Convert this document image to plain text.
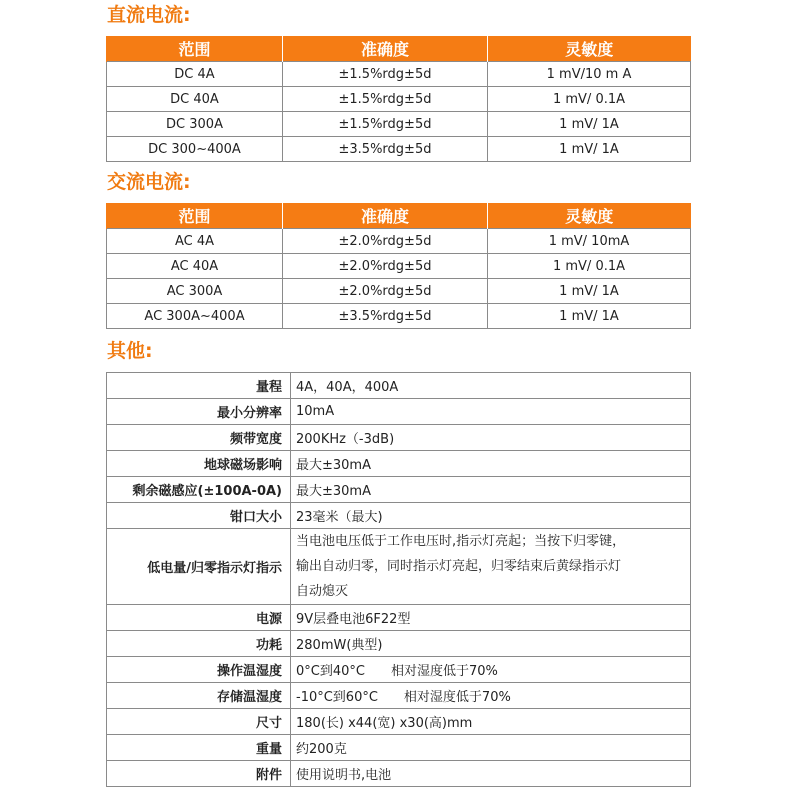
直流电流:
范围	准确度	灵敏度
DC 4A	±1.5%rdg±5d	1 mV/10 m A
DC 40A	±1.5%rdg±5d	1 mV/ 0.1A
DC 300A	±1.5%rdg±5d	1 mV/ 1A
DC 300~400A	±3.5%rdg±5d	1 mV/ 1A
交流电流:
范围	准确度	灵敏度
AC 4A	±2.0%rdg±5d	1 mV/ 10mA
AC 40A	±2.0%rdg±5d	1 mV/ 0.1A
AC 300A	±2.0%rdg±5d	1 mV/ 1A
AC 300A~400A	±3.5%rdg±5d	1 mV/ 1A
其他:
量程	4A，40A，400A
最小分辨率	10mA
频带宽度	200KHz（-3dB)
地球磁场影响	最大±30mA
剩余磁感应(±100A-0A)	最大±30mA
钳口大小	23毫米（最大)
低电量/归零指示灯指示	当电池电压低于工作电压时,指示灯亮起；当按下归零键，
输出自动归零，同时指示灯亮起，归零结束后黄绿指示灯
自动熄灭

电源	9V层叠电池6F22型
功耗	280mW(典型)
操作温湿度	0°C到40°C　　相对湿度低于70%
存储温湿度	-10°C到60°C　　相对湿度低于70%
尺寸	180(长) x44(宽) x30(高)mm
重量	约200克
附件	使用说明书,电池
